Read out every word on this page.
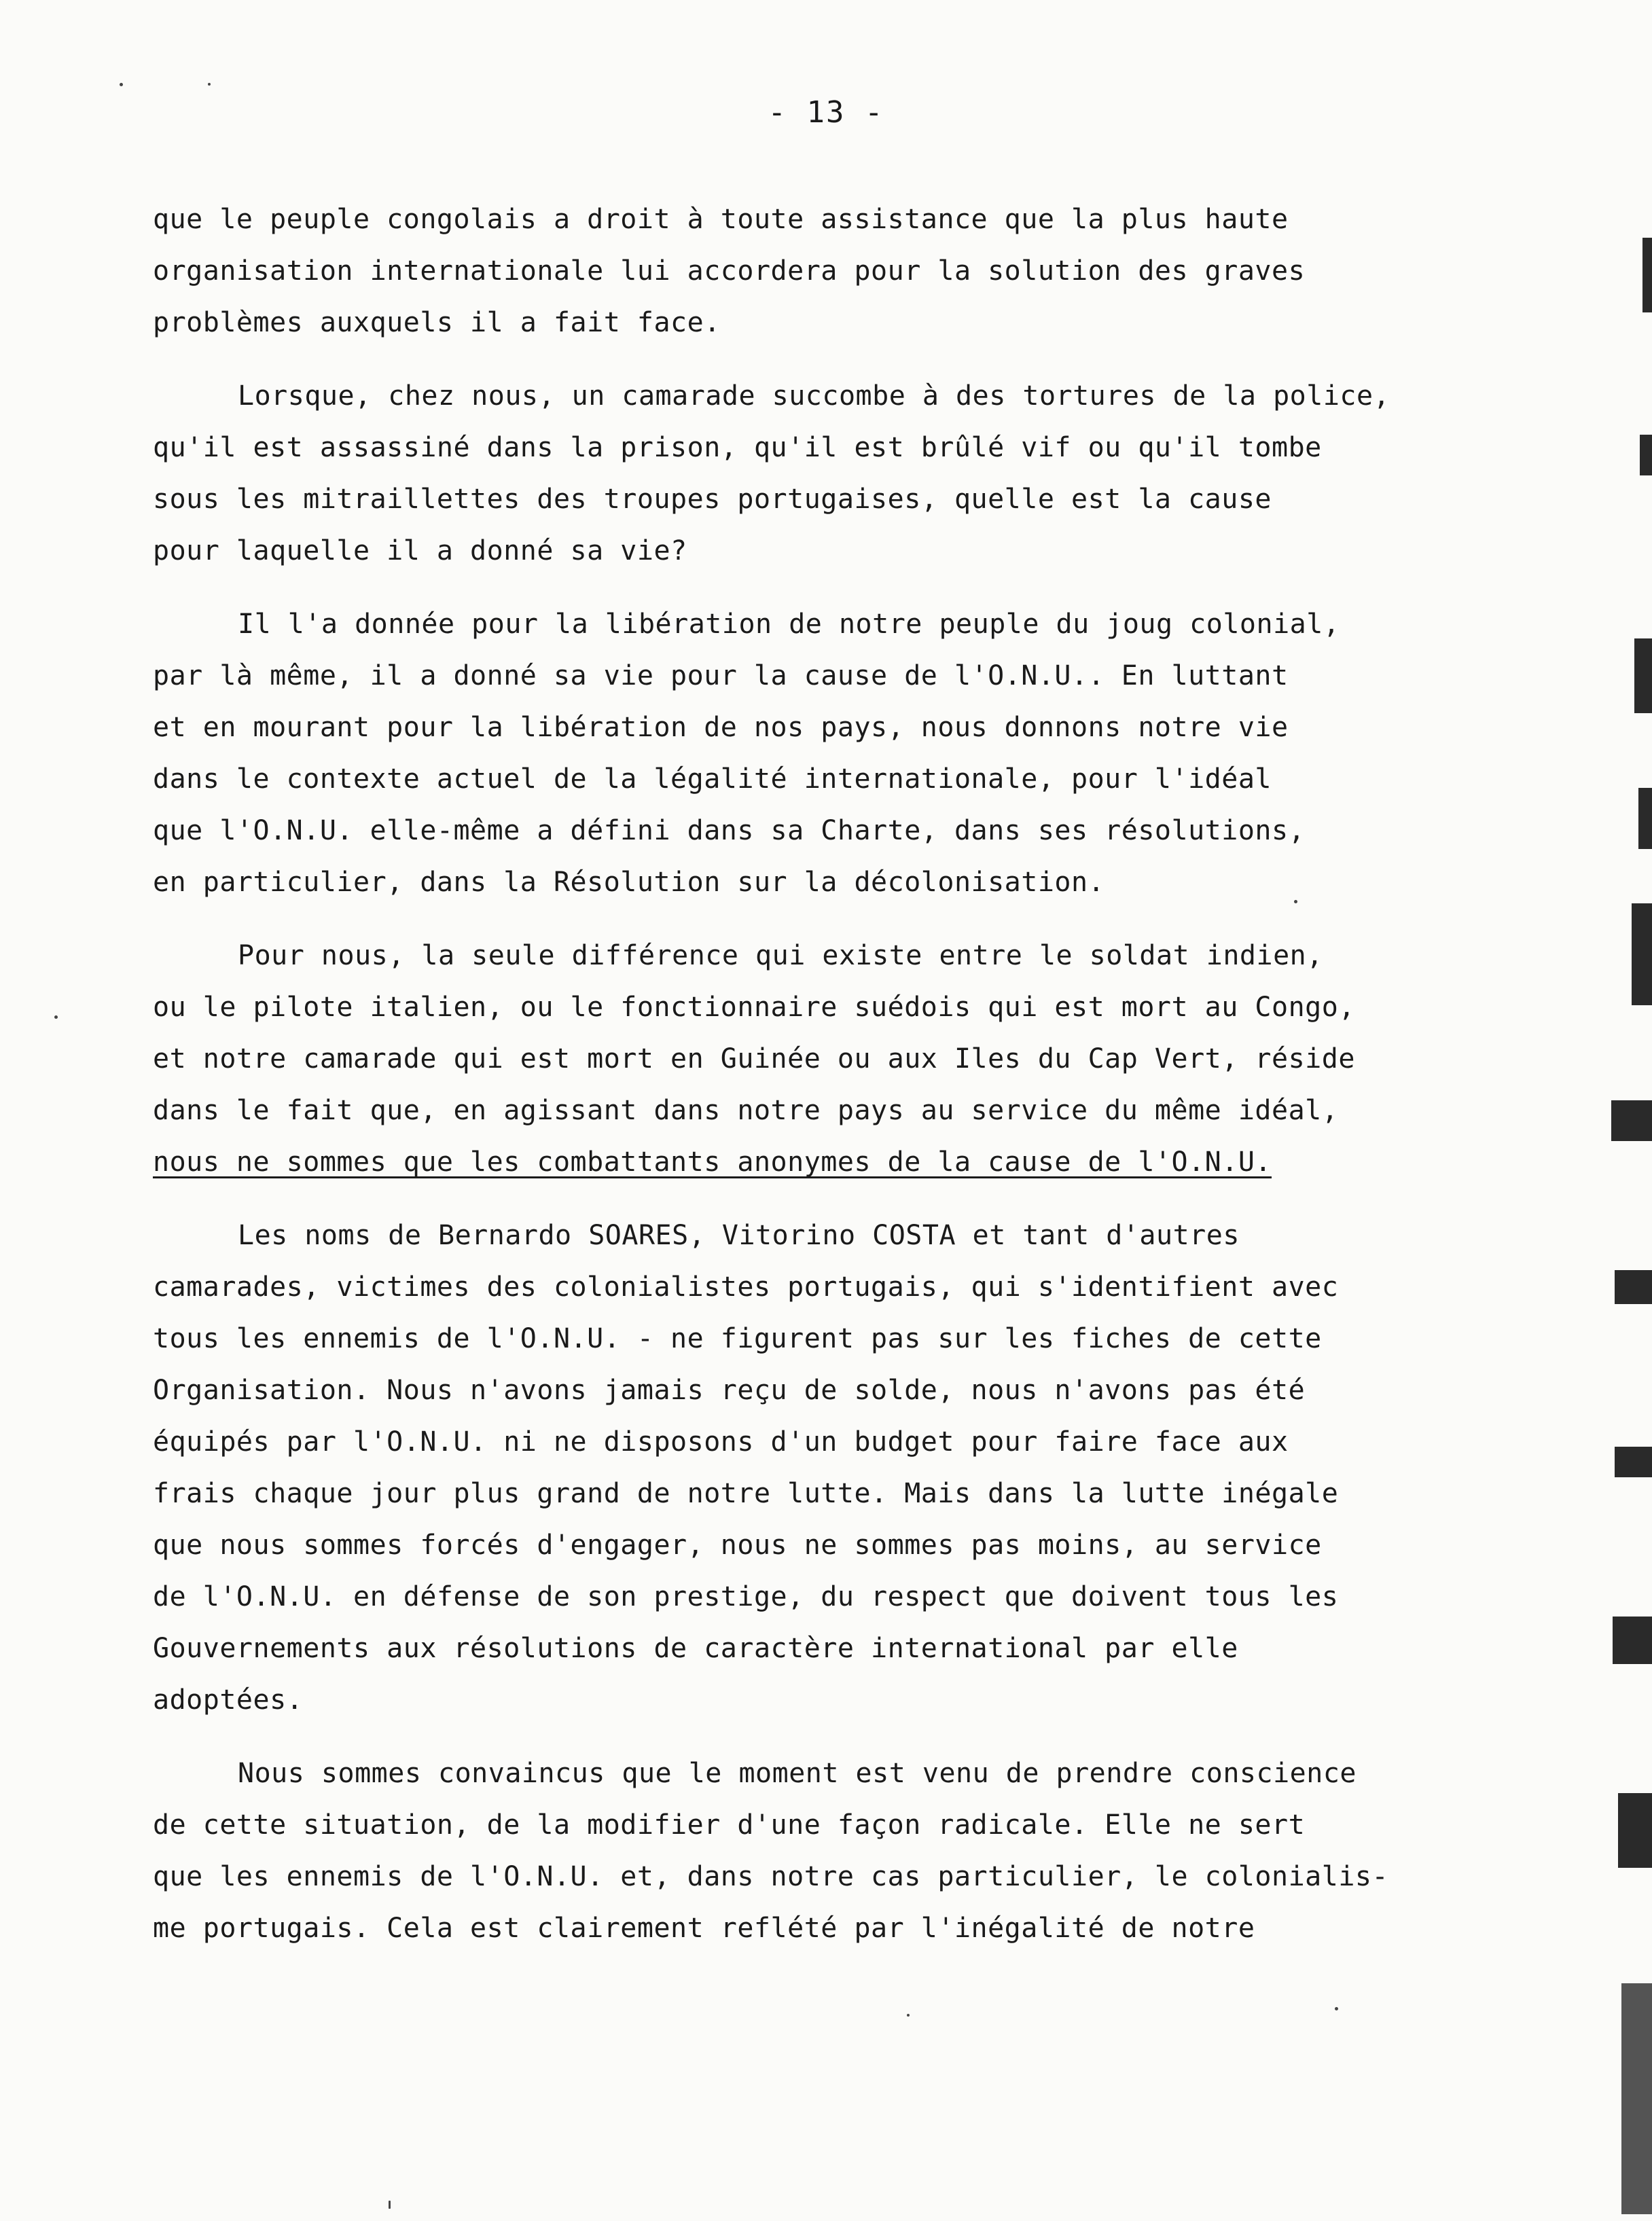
- 13 -
que le peuple congolais a droit à toute assistance que la plus haute
organisation internationale lui accordera pour la solution des graves
problèmes auxquels il a fait face.
Lorsque, chez nous, un camarade succombe à des tortures de la police,
qu'il est assassiné dans la prison, qu'il est brûlé vif ou qu'il tombe
sous les mitraillettes des troupes portugaises, quelle est la cause
pour laquelle il a donné sa vie?
Il l'a donnée pour la libération de notre peuple du joug colonial,
par là même, il a donné sa vie pour la cause de l'O.N.U.. En luttant
et en mourant pour la libération de nos pays, nous donnons notre vie
dans le contexte actuel de la légalité internationale, pour l'idéal
que l'O.N.U. elle-même a défini dans sa Charte, dans ses résolutions,
en particulier, dans la Résolution sur la décolonisation.
Pour nous, la seule différence qui existe entre le soldat indien,
ou le pilote italien, ou le fonctionnaire suédois qui est mort au Congo,
et notre camarade qui est mort en Guinée ou aux Iles du Cap Vert, réside
dans le fait que, en agissant dans notre pays au service du même idéal,
nous ne sommes que les combattants anonymes de la cause de l'O.N.U.
Les noms de Bernardo SOARES, Vitorino COSTA et tant d'autres
camarades, victimes des colonialistes portugais, qui s'identifient avec
tous les ennemis de l'O.N.U. - ne figurent pas sur les fiches de cette
Organisation. Nous n'avons jamais reçu de solde, nous n'avons pas été
équipés par l'O.N.U. ni ne disposons d'un budget pour faire face aux
frais chaque jour plus grand de notre lutte. Mais dans la lutte inégale
que nous sommes forcés d'engager, nous ne sommes pas moins, au service
de l'O.N.U. en défense de son prestige, du respect que doivent tous les
Gouvernements aux résolutions de caractère international par elle
adoptées.
Nous sommes convaincus que le moment est venu de prendre conscience
de cette situation, de la modifier d'une façon radicale. Elle ne sert
que les ennemis de l'O.N.U. et, dans notre cas particulier, le colonialis-
me portugais. Cela est clairement reflété par l'inégalité de notre
